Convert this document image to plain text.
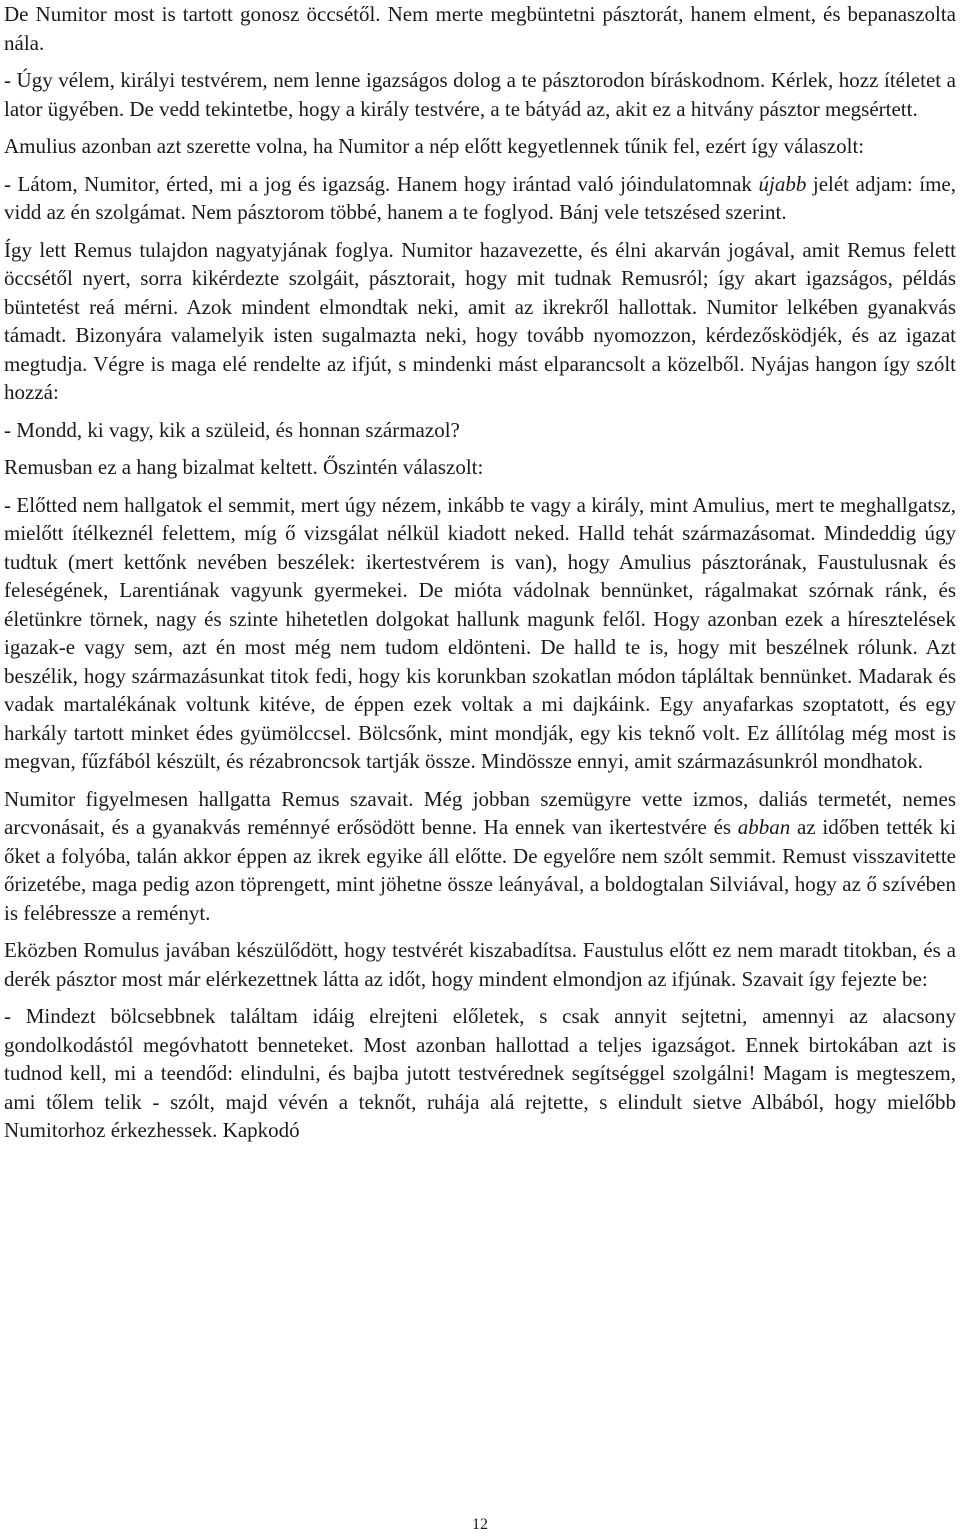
De Numitor most is tartott gonosz öccsétől. Nem merte megbüntetni pásztorát, hanem elment, és bepanaszolta nála.

- Úgy vélem, királyi testvérem, nem lenne igazságos dolog a te pásztorodon bíráskodnom. Kérlek, hozz ítéletet a lator ügyében. De vedd tekintetbe, hogy a király testvére, a te bátyád az, akit ez a hitvány pásztor megsértett.

Amulius azonban azt szerette volna, ha Numitor a nép előtt kegyetlennek tűnik fel, ezért így válaszolt:

- Látom, Numitor, érted, mi a jog és igazság. Hanem hogy irántad való jóindulatomnak újabb jelét adjam: íme, vidd az én szolgámat. Nem pásztorom többé, hanem a te foglyod. Bánj vele tetszésed szerint.

Így lett Remus tulajdon nagyatyjának foglya. Numitor hazavezette, és élni akarván jogával, amit Remus felett öccsétől nyert, sorra kikérdezte szolgáit, pásztorait, hogy mit tudnak Remusról; így akart igazságos, példás büntetést reá mérni. Azok mindent elmondtak neki, amit az ikrekről hallottak. Numitor lelkében gyanakvás támadt. Bizonyára valamelyik isten sugalmazta neki, hogy tovább nyomozzon, kérdezősködjék, és az igazat megtudja. Végre is maga elé rendelte az ifjút, s mindenki mást elparancsolt a közelből. Nyájas hangon így szólt hozzá:

- Mondd, ki vagy, kik a szüleid, és honnan származol?

Remusban ez a hang bizalmat keltett. Őszintén válaszolt:

- Előtted nem hallgatok el semmit, mert úgy nézem, inkább te vagy a király, mint Amulius, mert te meghallgatsz, mielőtt ítélkeznél felettem, míg ő vizsgálat nélkül kiadott neked. Halld tehát származásomat. Mindeddig úgy tudtuk (mert kettőnk nevében beszélek: ikertestvérem is van), hogy Amulius pásztorának, Faustulusnak és feleségének, Larentiának vagyunk gyermekei. De mióta vádolnak bennünket, rágalmakat szórnak ránk, és életünkre törnek, nagy és szinte hihetetlen dolgokat hallunk magunk felől. Hogy azonban ezek a híresztelések igazak-e vagy sem, azt én most még nem tudom eldönteni. De halld te is, hogy mit beszélnek rólunk. Azt beszélik, hogy származásunkat titok fedi, hogy kis korunkban szokatlan módon tápláltak bennünket. Madarak és vadak martalékának voltunk kitéve, de éppen ezek voltak a mi dajkáink. Egy anyafarkas szoptatott, és egy harkály tartott minket édes gyümölccsel. Bölcsőnk, mint mondják, egy kis teknő volt. Ez állítólag még most is megvan, fűzfából készült, és rézabroncsok tartják össze. Mindössze ennyi, amit származásunkról mondhatok.

Numitor figyelmesen hallgatta Remus szavait. Még jobban szemügyre vette izmos, daliás termetét, nemes arcvonásait, és a gyanakvás reménnyé erősödött benne. Ha ennek van ikertestvére és abban az időben tették ki őket a folyóba, talán akkor éppen az ikrek egyike áll előtte. De egyelőre nem szólt semmit. Remust visszavitette őrizetébe, maga pedig azon töprengett, mint jöhetne össze leányával, a boldogtalan Silviával, hogy az ő szívében is felébressze a reményt.

Eközben Romulus javában készülődött, hogy testvérét kiszabadítsa. Faustulus előtt ez nem maradt titokban, és a derék pásztor most már elérkezettnek látta az időt, hogy mindent elmondjon az ifjúnak. Szavait így fejezte be:

- Mindezt bölcsebbnek találtam idáig elrejteni előletek, s csak annyit sejtetni, amennyi az alacsony gondolkodástól megóvhatott benneteket. Most azonban hallottad a teljes igazságot. Ennek birtokában azt is tudnod kell, mi a teendőd: elindulni, és bajba jutott testvérednek segítséggel szolgálni! Magam is megteszem, ami tőlem telik - szólt, majd vévén a teknőt, ruhája alá rejtette, s elindult sietve Albából, hogy mielőbb Numitorhoz érkezhessek. Kapkodó

12
